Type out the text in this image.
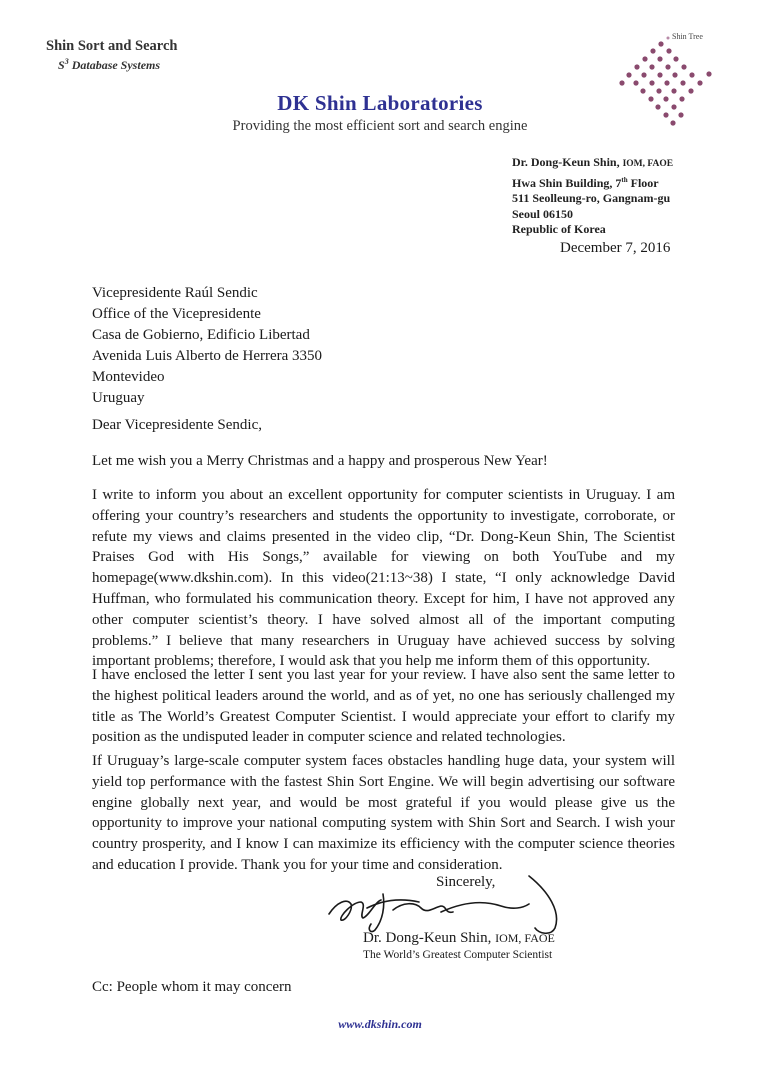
Shin Sort and Search
$S^3$ Database Systems
Shin Tree
DK Shin Laboratories
Providing the most efficient sort and search engine
Dr. Dong-Keun Shin, IOM, FAOE
Hwa Shin Building, 7th Floor
511 Seolleung-ro, Gangnam-gu
Seoul 06150
Republic of Korea
December 7, 2016
Vicepresidente Raúl Sendic
Office of the Vicepresidente
Casa de Gobierno, Edificio Libertad
Avenida Luis Alberto de Herrera 3350
Montevideo
Uruguay
Dear Vicepresidente Sendic,
Let me wish you a Merry Christmas and a happy and prosperous New Year!
I write to inform you about an excellent opportunity for computer scientists in Uruguay. I am offering your country’s researchers and students the opportunity to investigate, corroborate, or refute my views and claims presented in the video clip, “Dr. Dong-Keun Shin, The Scientist Praises God with His Songs,” available for viewing on both YouTube and my homepage(www.dkshin.com). In this video(21:13~38) I state, “I only acknowledge David Huffman, who formulated his communication theory. Except for him, I have not approved any other computer scientist’s theory. I have solved almost all of the important computing problems.” I believe that many researchers in Uruguay have achieved success by solving important problems; therefore, I would ask that you help me inform them of this opportunity.
I have enclosed the letter I sent you last year for your review. I have also sent the same letter to the highest political leaders around the world, and as of yet, no one has seriously challenged my title as The World’s Greatest Computer Scientist. I would appreciate your effort to clarify my position as the undisputed leader in computer science and related technologies.
If Uruguay’s large-scale computer system faces obstacles handling huge data, your system will yield top performance with the fastest Shin Sort Engine. We will begin advertising our software engine globally next year, and would be most grateful if you would please give us the opportunity to improve your national computing system with Shin Sort and Search. I wish your country prosperity, and I know I can maximize its efficiency with the computer science theories and education I provide. Thank you for your time and consideration.
Sincerely,
Dr. Dong-Keun Shin, IOM, FAOE
The World’s Greatest Computer Scientist
Cc: People whom it may concern
www.dkshin.com
